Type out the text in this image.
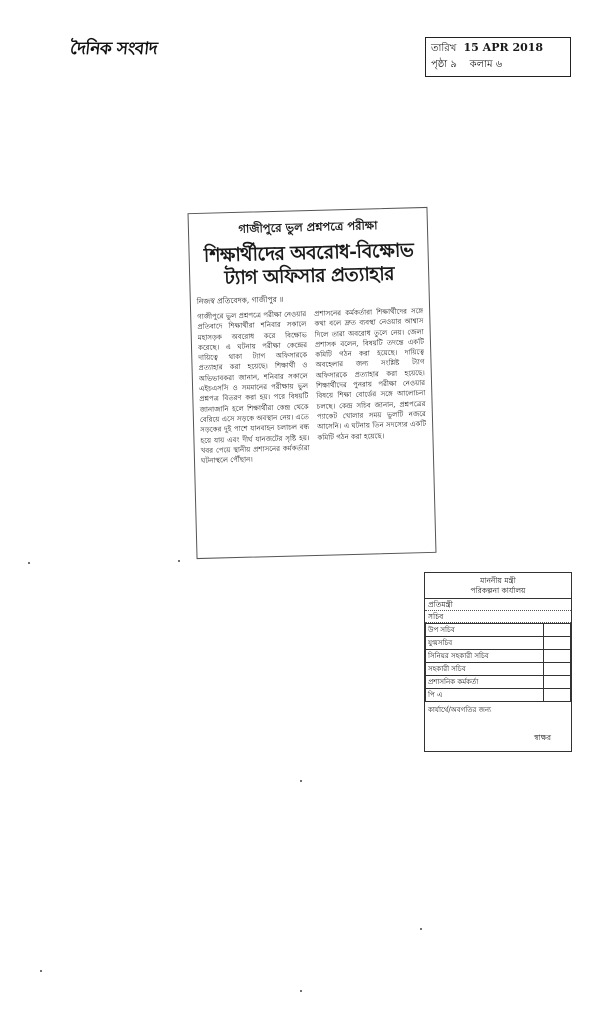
দৈনিক সংবাদ	তারিখ 15 APR 2018
পৃষ্ঠা ৯ কলাম ৬
গাজীপুরে ভুল প্রশ্নপত্রে পরীক্ষা
শিক্ষার্থীদের অবরোধ-বিক্ষোভ ট্যাগ অফিসার প্রত্যাহার
নিজস্ব প্রতিবেদক, গাজীপুর ॥
গাজীপুরে ভুল প্রশ্নপত্রে পরীক্ষা নেওয়ার প্রতিবাদে শিক্ষার্থীরা শনিবার সকালে মহাসড়ক অবরোধ করে বিক্ষোভ করেছে। এ ঘটনায় পরীক্ষা কেন্দ্রের দায়িত্বে থাকা ট্যাগ অফিসারকে প্রত্যাহার করা হয়েছে। শিক্ষার্থী ও অভিভাবকরা জানান, শনিবার সকালে এইচএসসি ও সমমানের পরীক্ষায় ভুল প্রশ্নপত্র বিতরণ করা হয়। পরে বিষয়টি জানাজানি হলে শিক্ষার্থীরা কেন্দ্র থেকে বেরিয়ে এসে সড়কে অবস্থান নেয়। এতে সড়কের দুই পাশে যানবাহন চলাচল বন্ধ হয়ে যায় এবং দীর্ঘ যানজটের সৃষ্টি হয়। খবর পেয়ে স্থানীয় প্রশাসনের কর্মকর্তারা ঘটনাস্থলে পৌঁছান।
প্রশাসনের কর্মকর্তারা শিক্ষার্থীদের সঙ্গে কথা বলে দ্রুত ব্যবস্থা নেওয়ার আশ্বাস দিলে তারা অবরোধ তুলে নেয়। জেলা প্রশাসক বলেন, বিষয়টি তদন্তে একটি কমিটি গঠন করা হয়েছে। দায়িত্বে অবহেলার জন্য সংশ্লিষ্ট ট্যাগ অফিসারকে প্রত্যাহার করা হয়েছে। শিক্ষার্থীদের পুনরায় পরীক্ষা নেওয়ার বিষয়ে শিক্ষা বোর্ডের সঙ্গে আলোচনা চলছে। কেন্দ্র সচিব জানান, প্রশ্নপত্রের প্যাকেট খোলার সময় ভুলটি নজরে আসেনি। এ ঘটনায় তিন সদস্যের একটি কমিটি গঠন করা হয়েছে।
মাননীয় মন্ত্রী
পরিকল্পনা কার্যালয়
প্রতিমন্ত্রী
সচিব
উপ সচিব	
যুগ্মসচিব	
সিনিয়র সহকারী সচিব	
সহকারী সচিব	
প্রশাসনিক কর্মকর্তা	
পি এ	
কার্যার্থে/অবগতির জন্য
স্বাক্ষর
